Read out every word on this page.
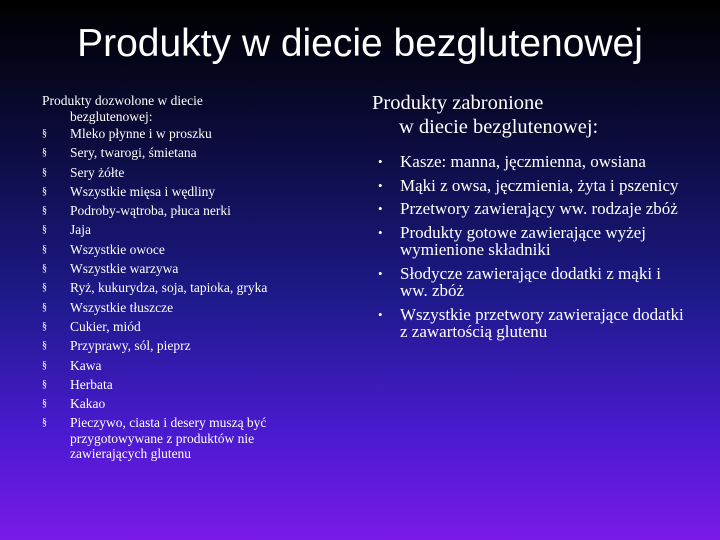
Produkty w diecie bezglutenowej
Produkty dozwolone w diecie
bezglutenowej:
§ Mleko płynne i w proszku
§ Sery, twarogi, śmietana
§ Sery żółte
§ Wszystkie mięsa i wędliny
§ Podroby-wątroba, płuca nerki
§ Jaja
§ Wszystkie owoce
§ Wszystkie warzywa
§ Ryż, kukurydza, soja, tapioka, gryka
§ Wszystkie tłuszcze
§ Cukier, miód
§ Przyprawy, sól, pieprz
§ Kawa
§ Herbata
§ Kakao
§ Pieczywo, ciasta i desery muszą być przygotowywane z produktów nie zawierających glutenu
Produkty zabronione
w diecie bezglutenowej:
• Kasze: manna, jęczmienna, owsiana
• Mąki z owsa, jęczmienia, żyta i pszenicy
• Przetwory zawierający ww. rodzaje zbóż
• Produkty gotowe zawierające wyżej wymienione składniki
• Słodycze zawierające dodatki z mąki i ww. zbóż
• Wszystkie przetwory zawierające dodatki z zawartością glutenu
